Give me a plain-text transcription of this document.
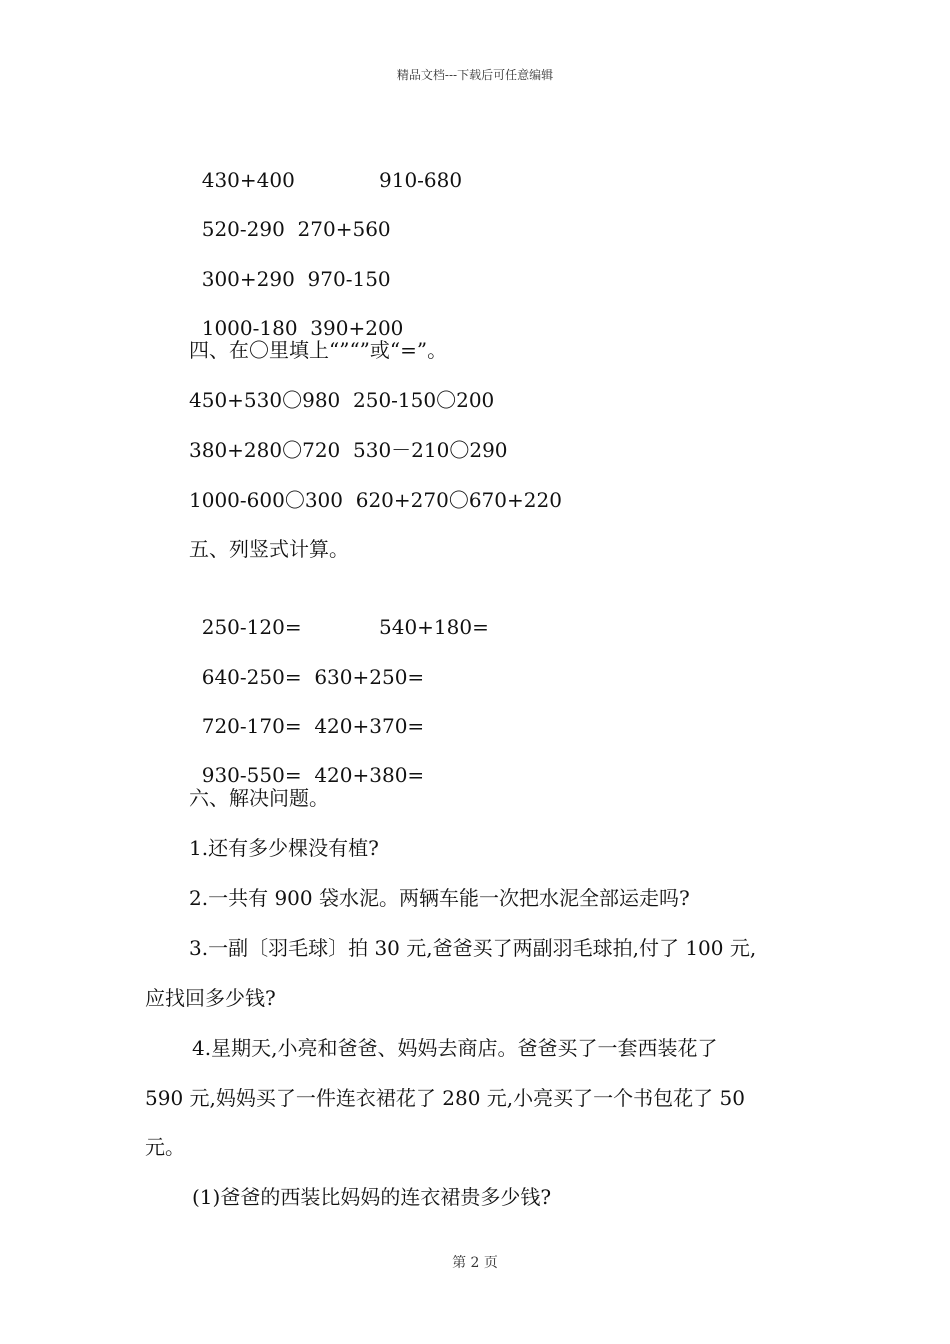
精品文档---下载后可任意编辑

430+400	910-680

520-290 270+560

300+290 970-150

1000-180 390+200

四、在〇里填上“”“”或“=”。
450+530〇980  250-150〇200
380+280〇720  530－210〇290
1000-600〇300  620+270〇670+220
五、列竖式计算。

250-120=	540+180=

640-250= 630+250=

720-170= 420+370=

930-550= 420+380=

六、解决问题。
1.还有多少棵没有植?
2.一共有 900 袋水泥。两辆车能一次把水泥全部运走吗?
3.一副〔羽毛球〕拍 30 元,爸爸买了两副羽毛球拍,付了 100 元,
应找回多少钱?
4.星期天,小亮和爸爸、妈妈去商店。爸爸买了一套西装花了
590 元,妈妈买了一件连衣裙花了 280 元,小亮买了一个书包花了 50
元。
(1)爸爸的西装比妈妈的连衣裙贵多少钱?
第 2 页
